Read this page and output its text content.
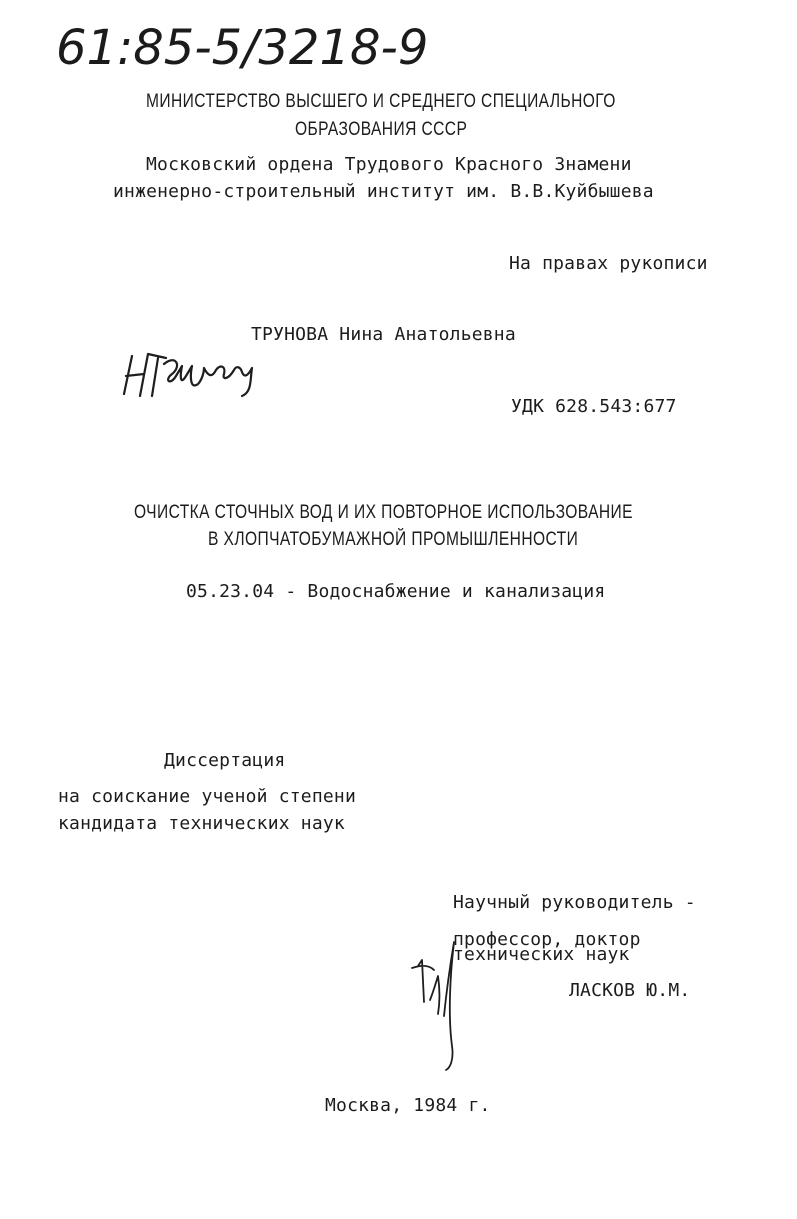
61:85-5/3218-9
МИНИСТЕРСТВО ВЫСШЕГО И СРЕДНЕГО СПЕЦИАЛЬНОГО
ОБРАЗОВАНИЯ СССР
Московский ордена Трудового Красного Знамени
инженерно-строительный институт им. В.В.Куйбышева
На правах рукописи
ТРУНОВА Нина Анатольевна
УДК 628.543:677
ОЧИСТКА СТОЧНЫХ ВОД И ИХ ПОВТОРНОЕ ИСПОЛЬЗОВАНИЕ
В ХЛОПЧАТОБУМАЖНОЙ ПРОМЫШЛЕННОСТИ
05.23.04 - Водоснабжение и канализация
Диссертация
на соискание ученой степени
кандидата технических наук
Научный руководитель -
профессор, доктор
технических наук
ЛАСКОВ Ю.М.
Москва, 1984 г.
